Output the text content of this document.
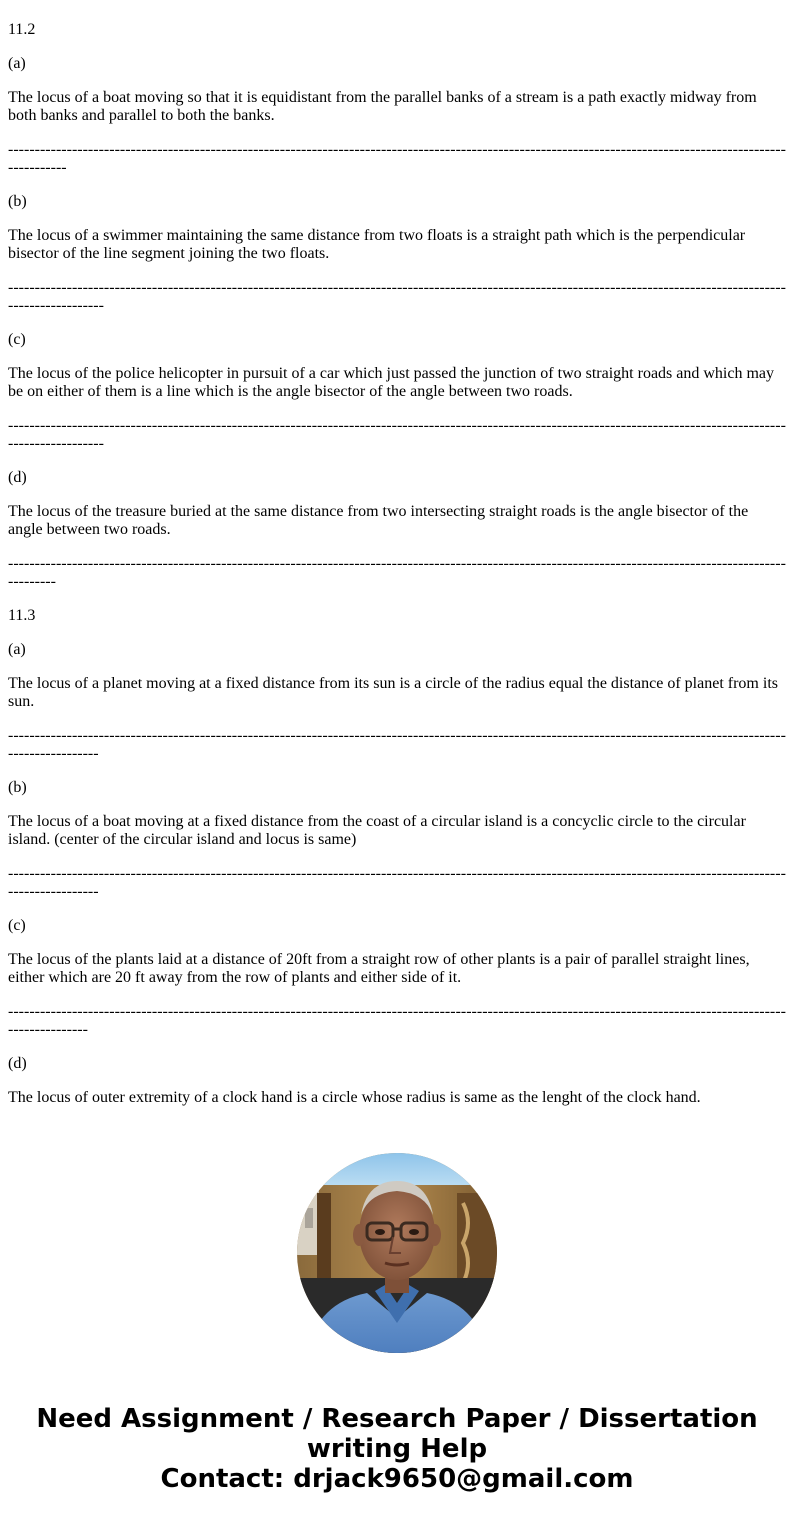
11.2

(a)

The locus of a boat moving so that it is equidistant from the parallel banks of a stream is a path exactly midway from both banks and parallel to both the banks.

-------------------------------------------------------------------------------------------------------------------------------------------------------------

(b)

The locus of a swimmer maintaining the same distance from two floats is a straight path which is the perpendicular bisector of the line segment joining the two floats.

--------------------------------------------------------------------------------------------------------------------------------------------------------------------

(c)

The locus of the police helicopter in pursuit of a car which just passed the junction of two straight roads and which may be on either of them is a line which is the angle bisector of the angle between two roads.

--------------------------------------------------------------------------------------------------------------------------------------------------------------------

(d)

The locus of the treasure buried at the same distance from two intersecting straight roads is the angle bisector of the angle between two roads.

-----------------------------------------------------------------------------------------------------------------------------------------------------------

11.3

(a)

The locus of a planet moving at a fixed distance from its sun is a circle of the radius equal the distance of planet from its sun.

-------------------------------------------------------------------------------------------------------------------------------------------------------------------

(b)

The locus of a boat moving at a fixed distance from the coast of a circular island is a concyclic circle to the circular island. (center of the circular island and locus is same)

-------------------------------------------------------------------------------------------------------------------------------------------------------------------

(c)

The locus of the plants laid at a distance of 20ft from a straight row of other plants is a pair of parallel straight lines, either which are 20 ft away from the row of plants and either side of it.

-----------------------------------------------------------------------------------------------------------------------------------------------------------------

(d)

The locus of outer extremity of a clock hand is a circle whose radius is same as the lenght of the clock hand.

Need Assignment / Research Paper / Dissertation
writing Help
Contact: drjack9650@gmail.com
